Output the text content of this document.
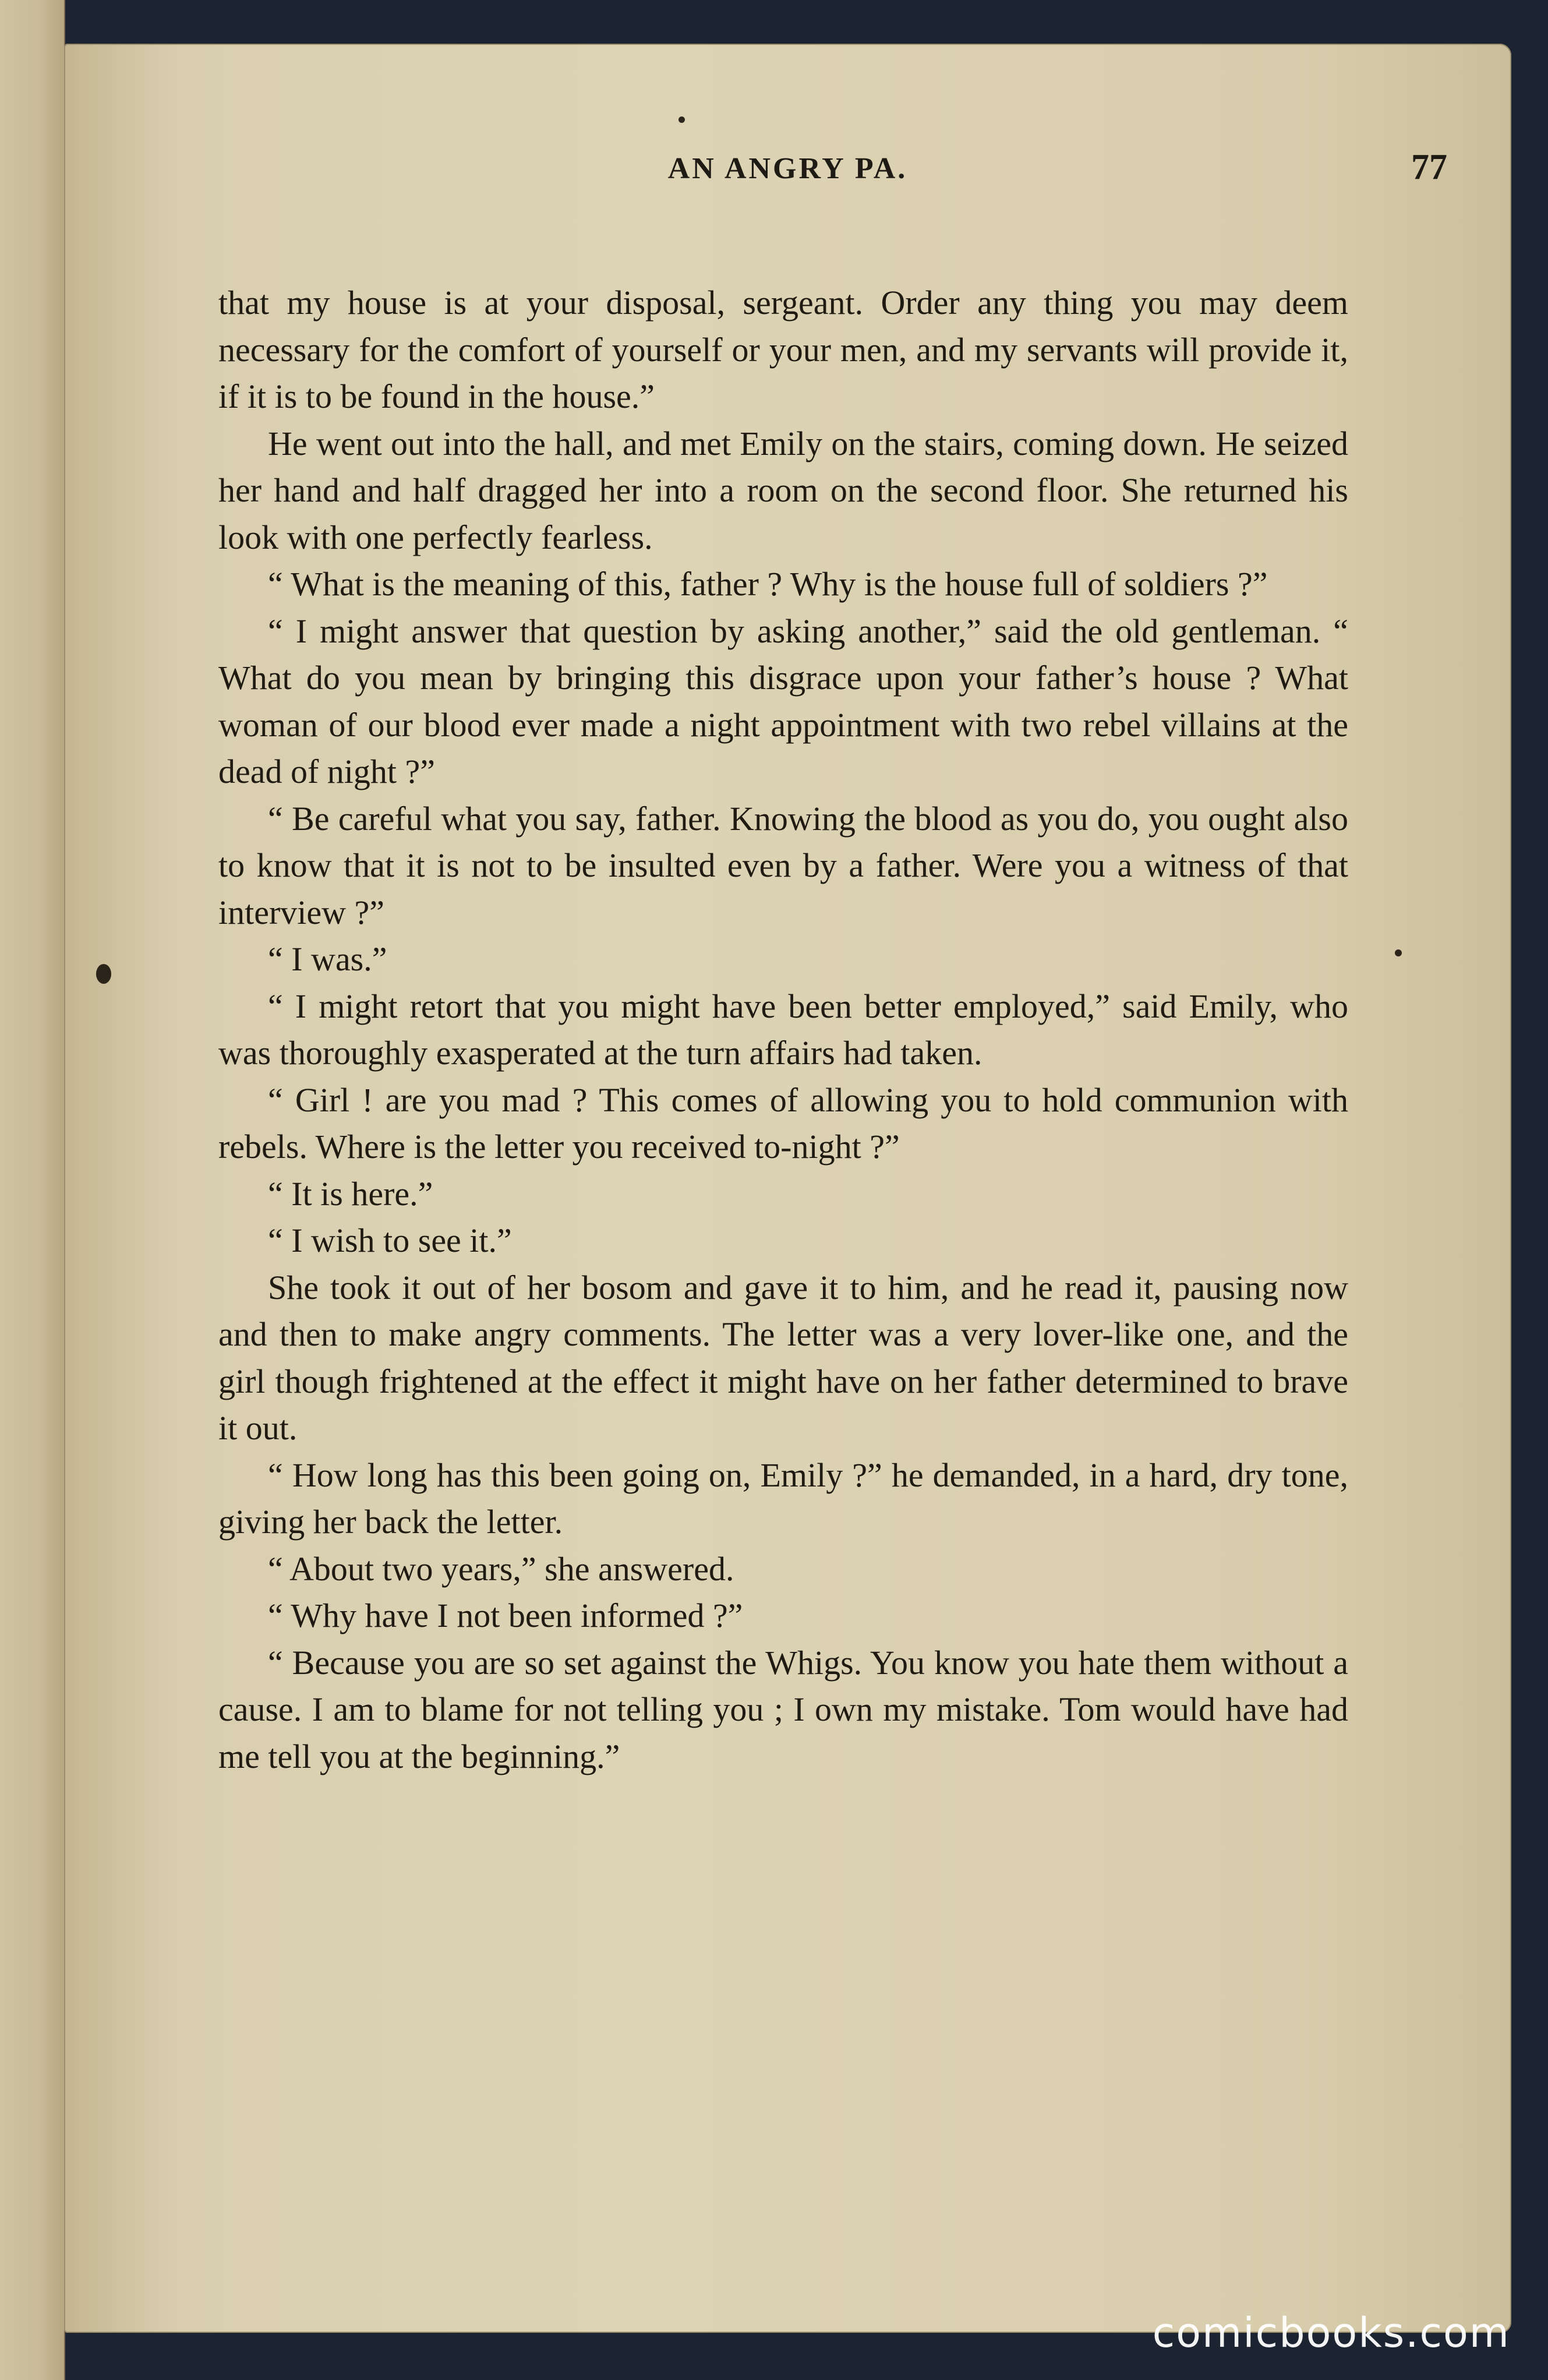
AN ANGRY PA.	77

that my house is at your disposal, sergeant. Order any thing you may deem necessary for the comfort of yourself or your men, and my servants will provide it, if it is to be found in the house.”

He went out into the hall, and met Emily on the stairs, coming down. He seized her hand and half dragged her into a room on the second floor. She returned his look with one perfectly fearless.

“ What is the meaning of this, father ? Why is the house full of soldiers ?”

“ I might answer that question by asking another,” said the old gentleman. “ What do you mean by bringing this disgrace upon your father’s house ? What woman of our blood ever made a night appointment with two rebel villains at the dead of night ?”

“ Be careful what you say, father. Knowing the blood as you do, you ought also to know that it is not to be insulted even by a father. Were you a witness of that interview ?”

“ I was.”

“ I might retort that you might have been better employed,” said Emily, who was thoroughly exasperated at the turn affairs had taken.

“ Girl ! are you mad ? This comes of allowing you to hold communion with rebels. Where is the letter you received to-night ?”

“ It is here.”

“ I wish to see it.”

She took it out of her bosom and gave it to him, and he read it, pausing now and then to make angry comments. The letter was a very lover-like one, and the girl though frightened at the effect it might have on her father determined to brave it out.

“ How long has this been going on, Emily ?” he demanded, in a hard, dry tone, giving her back the letter.

“ About two years,” she answered.

“ Why have I not been informed ?”

“ Because you are so set against the Whigs. You know you hate them without a cause. I am to blame for not telling you ; I own my mistake. Tom would have had me tell you at the beginning.”

comicbooks.com
